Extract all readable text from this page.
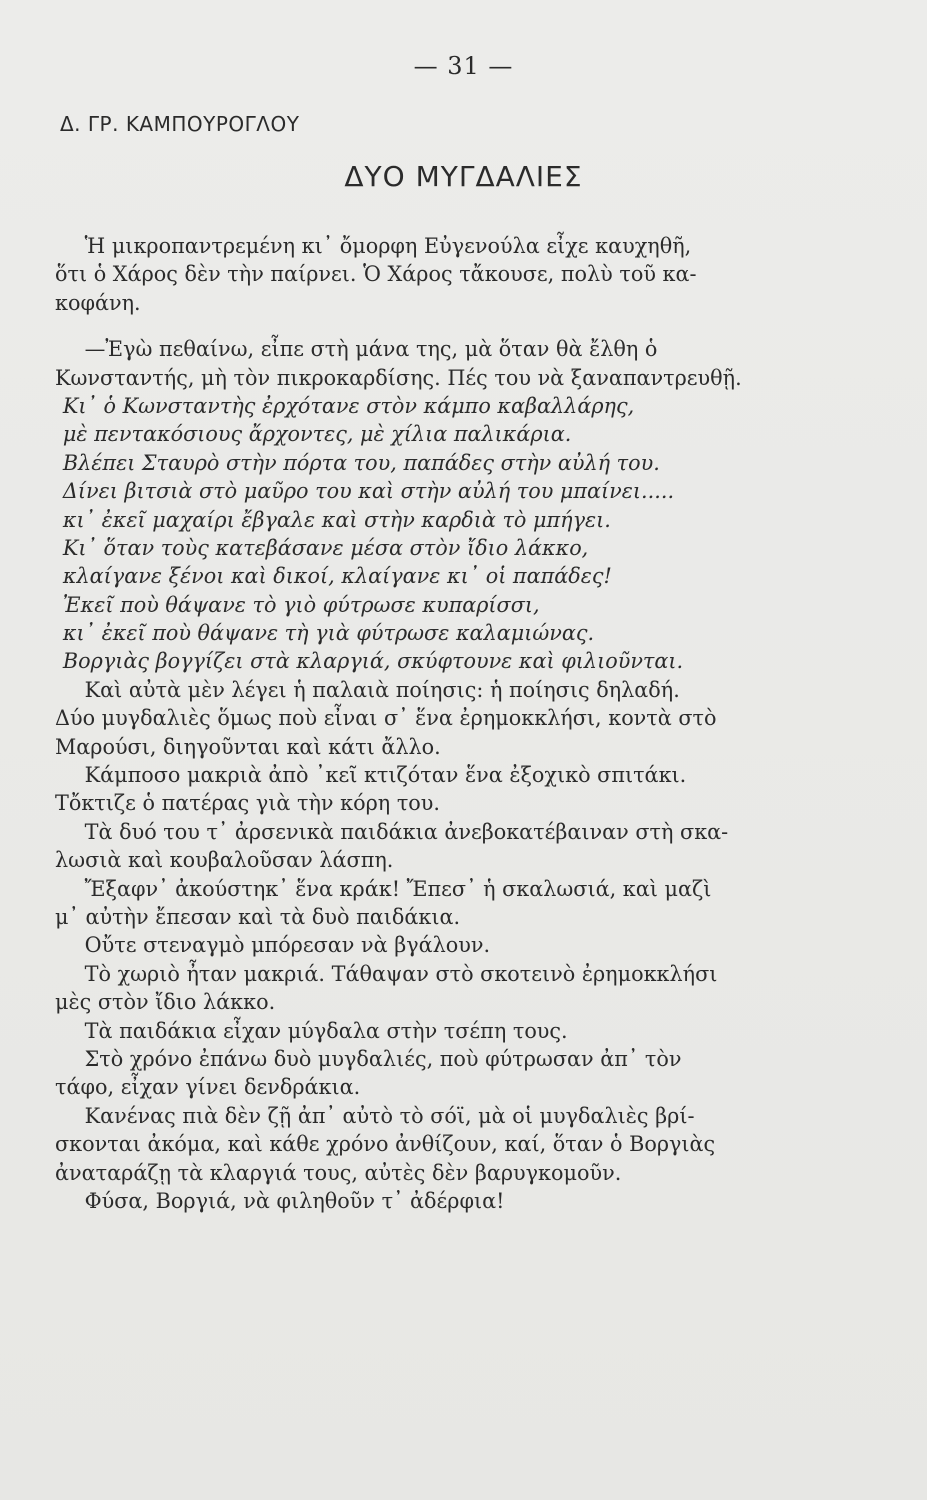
— 31 —
Δ. ΓΡ. ΚΑΜΠΟΥΡΟΓΛΟΥ
ΔΥΟ ΜΥΓΔΑΛΙΕΣ
Ἡ μικροπαντρεμένη κι᾽ ὄμορφη Εὐγενούλα εἶχε καυχηθῆ,
ὅτι ὁ Χάρος δὲν τὴν παίρνει. Ὁ Χάρος τἄκουσε, πολὺ τοῦ κα-
κοφάνη.
—Ἐγὼ πεθαίνω, εἶπε στὴ μάνα της, μὰ ὅταν θὰ ἔλθη ὁ
Κωνσταντής, μὴ τὸν πικροκαρδίσης. Πές του νὰ ξαναπαντρευθῇ.
Κι᾽ ὁ Κωνσταντὴς ἐρχότανε στὸν κάμπο καβαλλάρης,
μὲ πεντακόσιους ἄρχοντες, μὲ χίλια παλικάρια.
Βλέπει Σταυρὸ στὴν πόρτα του, παπάδες στὴν αὐλή του.
Δίνει βιτσιὰ στὸ μαῦρο του καὶ στὴν αὐλή του μπαίνει.....
κι᾽ ἐκεῖ μαχαίρι ἔβγαλε καὶ στὴν καρδιὰ τὸ μπήγει.
Κι᾽ ὅταν τοὺς κατεβάσανε μέσα στὸν ἴδιο λάκκο,
κλαίγανε ξένοι καὶ δικοί, κλαίγανε κι᾽ οἱ παπάδες!
Ἐκεῖ ποὺ θάψανε τὸ γιὸ φύτρωσε κυπαρίσσι,
κι᾽ ἐκεῖ ποὺ θάψανε τὴ γιὰ φύτρωσε καλαμιώνας.
Βοργιὰς βογγίζει στὰ κλαργιά, σκύφτουνε καὶ φιλιοῦνται.
Καὶ αὐτὰ μὲν λέγει ἡ παλαιὰ ποίησις: ἡ ποίησις δηλαδή.
Δύο μυγδαλιὲς ὅμως ποὺ εἶναι σ᾽ ἕνα ἐρημοκκλήσι, κοντὰ στὸ
Μαρούσι, διηγοῦνται καὶ κάτι ἄλλο.
Κάμποσο μακριὰ ἀπὸ ᾽κεῖ κτιζόταν ἕνα ἐξοχικὸ σπιτάκι.
Τὄκτιζε ὁ πατέρας γιὰ τὴν κόρη του.
Τὰ δυό του τ᾽ ἀρσενικὰ παιδάκια ἀνεβοκατέβαιναν στὴ σκα-
λωσιὰ καὶ κουβαλοῦσαν λάσπη.
Ἔξαφν᾽ ἀκούστηκ᾽ ἕνα κράκ! Ἔπεσ᾽ ἡ σκαλωσιά, καὶ μαζὶ
μ᾽ αὐτὴν ἔπεσαν καὶ τὰ δυὸ παιδάκια.
Οὔτε στεναγμὸ μπόρεσαν νὰ βγάλουν.
Τὸ χωριὸ ἦταν μακριά. Τάθαψαν στὸ σκοτεινὸ ἐρημοκκλήσι
μὲς στὸν ἴδιο λάκκο.
Τὰ παιδάκια εἶχαν μύγδαλα στὴν τσέπη τους.
Στὸ χρόνο ἐπάνω δυὸ μυγδαλιές, ποὺ φύτρωσαν ἀπ᾽ τὸν
τάφο, εἶχαν γίνει δενδράκια.
Κανένας πιὰ δὲν ζῇ ἀπ᾽ αὐτὸ τὸ σόϊ, μὰ οἱ μυγδαλιὲς βρί-
σκονται ἀκόμα, καὶ κάθε χρόνο ἀνθίζουν, καί, ὅταν ὁ Βοργιὰς
ἀναταράζῃ τὰ κλαργιά τους, αὐτὲς δὲν βαρυγκομοῦν.
Φύσα, Βοργιά, νὰ φιληθοῦν τ᾽ ἀδέρφια!
